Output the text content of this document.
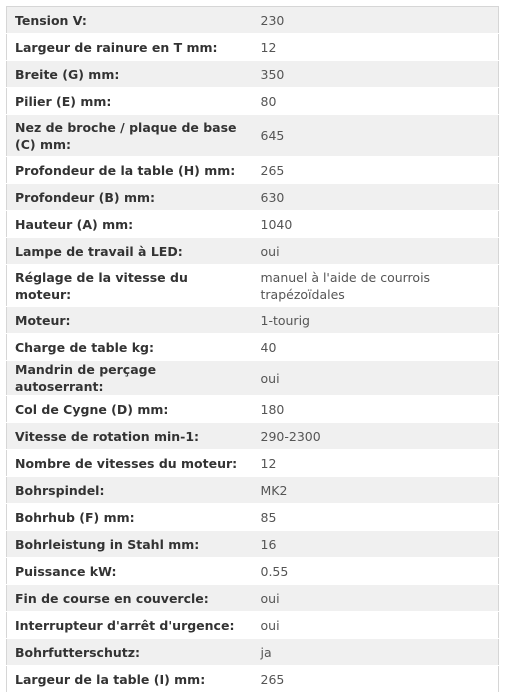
Tension V:	230
Largeur de rainure en T mm:	12
Breite (G) mm:	350
Pilier (E) mm:	80
Nez de broche / plaque de base (C) mm:	645
Profondeur de la table (H) mm:	265
Profondeur (B) mm:	630
Hauteur (A) mm:	1040
Lampe de travail à LED:	oui
Réglage de la vitesse du moteur:	manuel à l'aide de courrois trapézoïdales
Moteur:	1-tourig
Charge de table kg:	40
Mandrin de perçage autoserrant:	oui
Col de Cygne (D) mm:	180
Vitesse de rotation min-1:	290-2300
Nombre de vitesses du moteur:	12
Bohrspindel:	MK2
Bohrhub (F) mm:	85
Bohrleistung in Stahl mm:	16
Puissance kW:	0.55
Fin de course en couvercle:	oui
Interrupteur d'arrêt d'urgence:	oui
Bohrfutterschutz:	ja
Largeur de la table (I) mm:	265
